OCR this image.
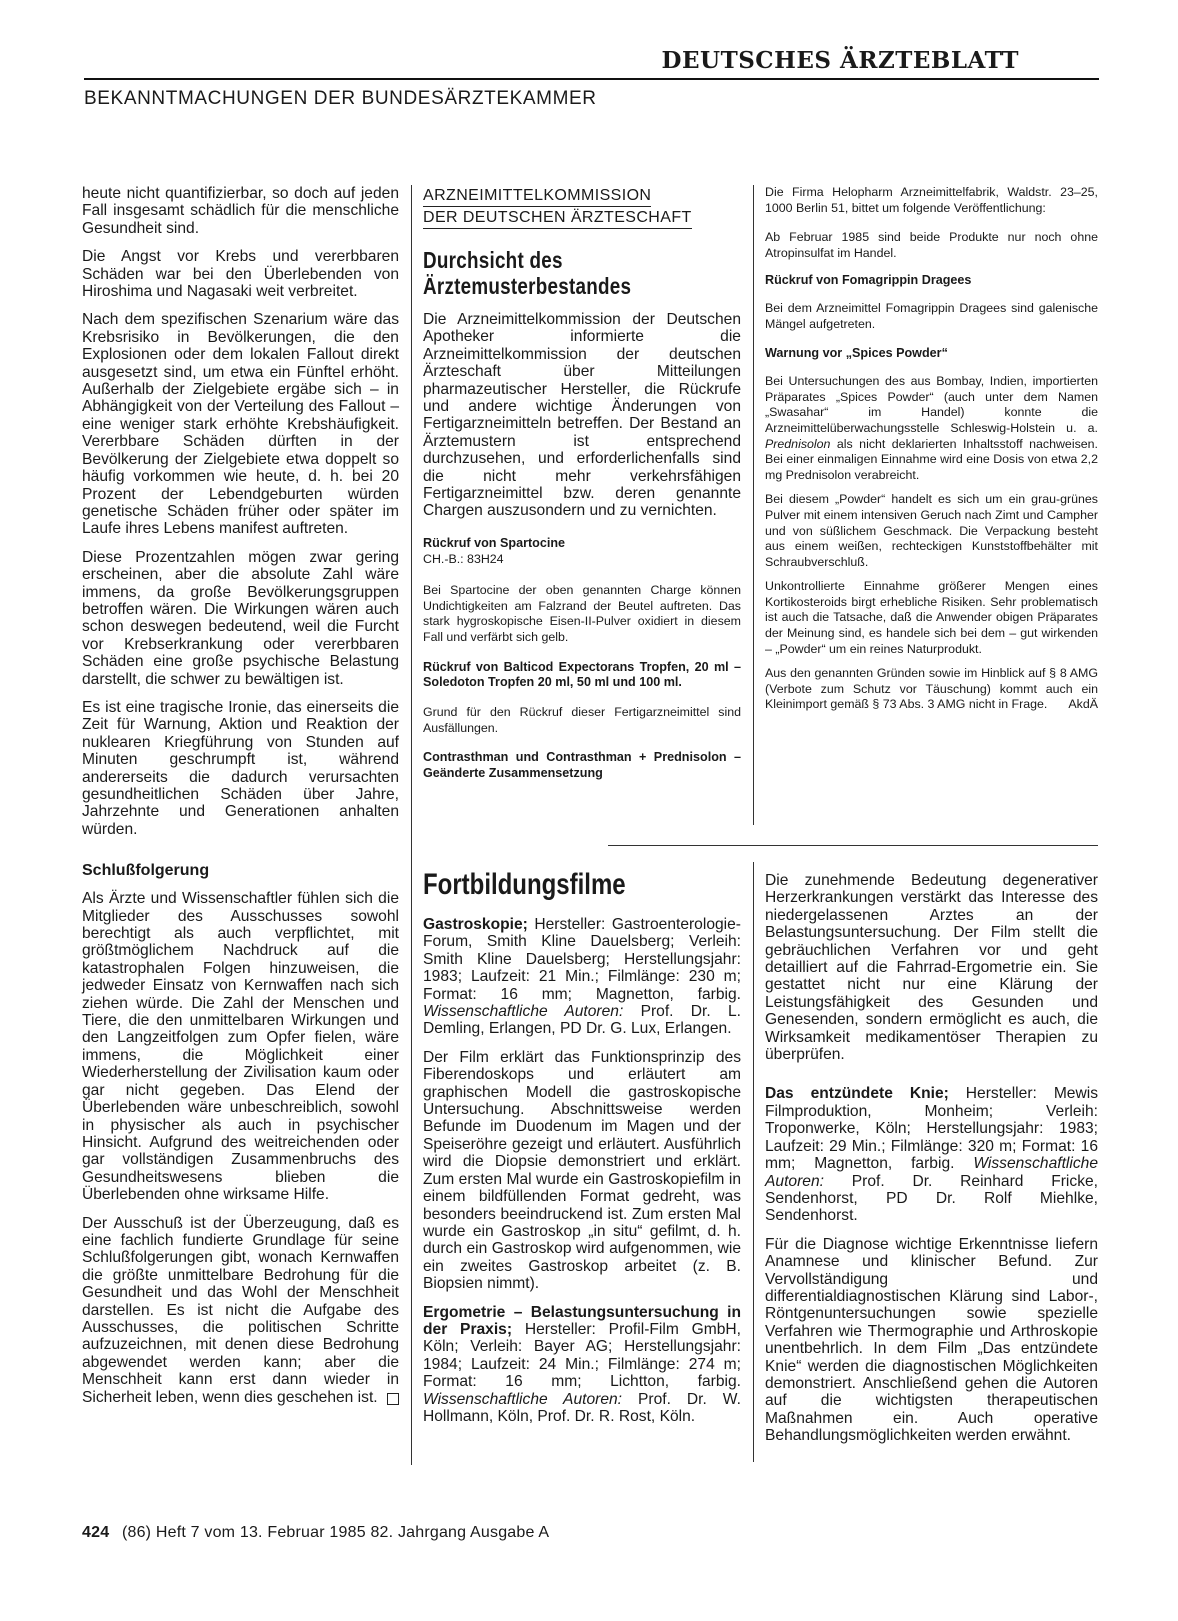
DEUTSCHES ÄRZTEBLATT
BEKANNTMACHUNGEN DER BUNDESÄRZTEKAMMER

heute nicht quantifizierbar, so doch auf jeden Fall insgesamt schädlich für die menschliche Gesundheit sind.

Die Angst vor Krebs und vererbbaren Schäden war bei den Überlebenden von Hiroshima und Nagasaki weit verbreitet.

Nach dem spezifischen Szenarium wäre das Krebsrisiko in Bevölkerungen, die den Explosionen oder dem lokalen Fallout direkt ausgesetzt sind, um etwa ein Fünftel erhöht. Außerhalb der Zielgebiete ergäbe sich – in Abhängigkeit von der Verteilung des Fallout – eine weniger stark erhöhte Krebshäufigkeit. Vererbbare Schäden dürften in der Bevölkerung der Zielgebiete etwa doppelt so häufig vorkommen wie heute, d. h. bei 20 Prozent der Lebendgeburten würden genetische Schäden früher oder später im Laufe ihres Lebens manifest auftreten.

Diese Prozentzahlen mögen zwar gering erscheinen, aber die absolute Zahl wäre immens, da große Bevölkerungsgruppen betroffen wären. Die Wirkungen wären auch schon deswegen bedeutend, weil die Furcht vor Krebserkrankung oder vererbbaren Schäden eine große psychische Belastung darstellt, die schwer zu bewältigen ist.

Es ist eine tragische Ironie, das einerseits die Zeit für Warnung, Aktion und Reaktion der nuklearen Kriegführung von Stunden auf Minuten geschrumpft ist, während andererseits die dadurch verursachten gesundheitlichen Schäden über Jahre, Jahrzehnte und Generationen anhalten würden.

Schlußfolgerung

Als Ärzte und Wissenschaftler fühlen sich die Mitglieder des Ausschusses sowohl berechtigt als auch verpflichtet, mit größtmöglichem Nachdruck auf die katastrophalen Folgen hinzuweisen, die jedweder Einsatz von Kernwaffen nach sich ziehen würde. Die Zahl der Menschen und Tiere, die den unmittelbaren Wirkungen und den Langzeitfolgen zum Opfer fielen, wäre immens, die Möglichkeit einer Wiederherstellung der Zivilisation kaum oder gar nicht gegeben. Das Elend der Überlebenden wäre unbeschreiblich, sowohl in physischer als auch in psychischer Hinsicht. Aufgrund des weitreichenden oder gar vollständigen Zusammenbruchs des Gesundheitswesens blieben die Überlebenden ohne wirksame Hilfe.

Der Ausschuß ist der Überzeugung, daß es eine fachlich fundierte Grundlage für seine Schlußfolgerungen gibt, wonach Kernwaffen die größte unmittelbare Bedrohung für die Gesundheit und das Wohl der Menschheit darstellen. Es ist nicht die Aufgabe des Ausschusses, die politischen Schritte aufzuzeichnen, mit denen diese Bedrohung abgewendet werden kann; aber die Menschheit kann erst dann wieder in Sicherheit leben, wenn dies geschehen ist.

ARZNEIMITTELKOMMISSION
DER DEUTSCHEN ÄRZTESCHAFT
Durchsicht des
Ärztemusterbestandes

Die Arzneimittelkommission der Deutschen Apotheker informierte die Arzneimittelkommission der deutschen Ärzteschaft über Mitteilungen pharmazeutischer Hersteller, die Rückrufe und andere wichtige Änderungen von Fertigarzneimitteln betreffen. Der Bestand an Ärztemustern ist entsprechend durchzusehen, und erforderlichenfalls sind die nicht mehr verkehrsfähigen Fertigarzneimittel bzw. deren genannte Chargen auszusondern und zu vernichten.

Rückruf von Spartocine

CH.-B.: 83H24

Bei Spartocine der oben genannten Charge können Undichtigkeiten am Falzrand der Beutel auftreten. Das stark hygroskopische Eisen-II-Pulver oxidiert in diesem Fall und verfärbt sich gelb.

Rückruf von Balticod Expectorans Tropfen, 20 ml – Soledoton Tropfen 20 ml, 50 ml und 100 ml.

Grund für den Rückruf dieser Fertigarzneimittel sind Ausfällungen.

Contrasthman und Contrasthman + Prednisolon – Geänderte Zusammensetzung

Die Firma Helopharm Arzneimittelfabrik, Waldstr. 23–25, 1000 Berlin 51, bittet um folgende Veröffentlichung:

Ab Februar 1985 sind beide Produkte nur noch ohne Atropinsulfat im Handel.

Rückruf von Fomagrippin Dragees

Bei dem Arzneimittel Fomagrippin Dragees sind galenische Mängel aufgetreten.

Warnung vor „Spices Powder“

Bei Untersuchungen des aus Bombay, Indien, importierten Präparates „Spices Powder“ (auch unter dem Namen „Swasahar“ im Handel) konnte die Arzneimittelüberwachungsstelle Schleswig-Holstein u. a. Prednisolon als nicht deklarierten Inhaltsstoff nachweisen. Bei einer einmaligen Einnahme wird eine Dosis von etwa 2,2 mg Prednisolon verabreicht.

Bei diesem „Powder“ handelt es sich um ein grau-grünes Pulver mit einem intensiven Geruch nach Zimt und Campher und von süßlichem Geschmack. Die Verpackung besteht aus einem weißen, rechteckigen Kunststoffbehälter mit Schraubverschluß.

Unkontrollierte Einnahme größerer Mengen eines Kortikosteroids birgt erhebliche Risiken. Sehr problematisch ist auch die Tatsache, daß die Anwender obigen Präparates der Meinung sind, es handele sich bei dem – gut wirkenden – „Powder“ um ein reines Naturprodukt.

Aus den genannten Gründen sowie im Hinblick auf § 8 AMG (Verbote zum Schutz vor Täuschung) kommt auch ein Kleinimport gemäß § 73 Abs. 3 AMG nicht in Frage. AkdÄ

Fortbildungsfilme

Gastroskopie; Hersteller: Gastroenterologie-Forum, Smith Kline Dauelsberg; Verleih: Smith Kline Dauelsberg; Herstellungsjahr: 1983; Laufzeit: 21 Min.; Filmlänge: 230 m; Format: 16 mm; Magnetton, farbig. Wissenschaftliche Autoren: Prof. Dr. L. Demling, Erlangen, PD Dr. G. Lux, Erlangen.

Der Film erklärt das Funktionsprinzip des Fiberendoskops und erläutert am graphischen Modell die gastroskopische Untersuchung. Abschnittsweise werden Befunde im Duodenum im Magen und der Speiseröhre gezeigt und erläutert. Ausführlich wird die Diopsie demonstriert und erklärt. Zum ersten Mal wurde ein Gastroskopiefilm in einem bildfüllenden Format gedreht, was besonders beeindruckend ist. Zum ersten Mal wurde ein Gastroskop „in situ“ gefilmt, d. h. durch ein Gastroskop wird aufgenommen, wie ein zweites Gastroskop arbeitet (z. B. Biopsien nimmt).

Ergometrie – Belastungsuntersuchung in der Praxis; Hersteller: Profil-Film GmbH, Köln; Verleih: Bayer AG; Herstellungsjahr: 1984; Laufzeit: 24 Min.; Filmlänge: 274 m; Format: 16 mm; Lichtton, farbig. Wissenschaftliche Autoren: Prof. Dr. W. Hollmann, Köln, Prof. Dr. R. Rost, Köln.

Die zunehmende Bedeutung degenerativer Herzerkrankungen verstärkt das Interesse des niedergelassenen Arztes an der Belastungsuntersuchung. Der Film stellt die gebräuchlichen Verfahren vor und geht detailliert auf die Fahrrad-Ergometrie ein. Sie gestattet nicht nur eine Klärung der Leistungsfähigkeit des Gesunden und Genesenden, sondern ermöglicht es auch, die Wirksamkeit medikamentöser Therapien zu überprüfen.

Das entzündete Knie; Hersteller: Mewis Filmproduktion, Monheim; Verleih: Troponwerke, Köln; Herstellungsjahr: 1983; Laufzeit: 29 Min.; Filmlänge: 320 m; Format: 16 mm; Magnetton, farbig. Wissenschaftliche Autoren: Prof. Dr. Reinhard Fricke, Sendenhorst, PD Dr. Rolf Miehlke, Sendenhorst.

Für die Diagnose wichtige Erkenntnisse liefern Anamnese und klinischer Befund. Zur Vervollständigung und differentialdiagnostischen Klärung sind Labor-, Röntgenuntersuchungen sowie spezielle Verfahren wie Thermographie und Arthroskopie unentbehrlich. In dem Film „Das entzündete Knie“ werden die diagnostischen Möglichkeiten demonstriert. Anschließend gehen die Autoren auf die wichtigsten therapeutischen Maßnahmen ein. Auch operative Behandlungsmöglichkeiten werden erwähnt.

424 (86) Heft 7 vom 13. Februar 1985 82. Jahrgang Ausgabe A
